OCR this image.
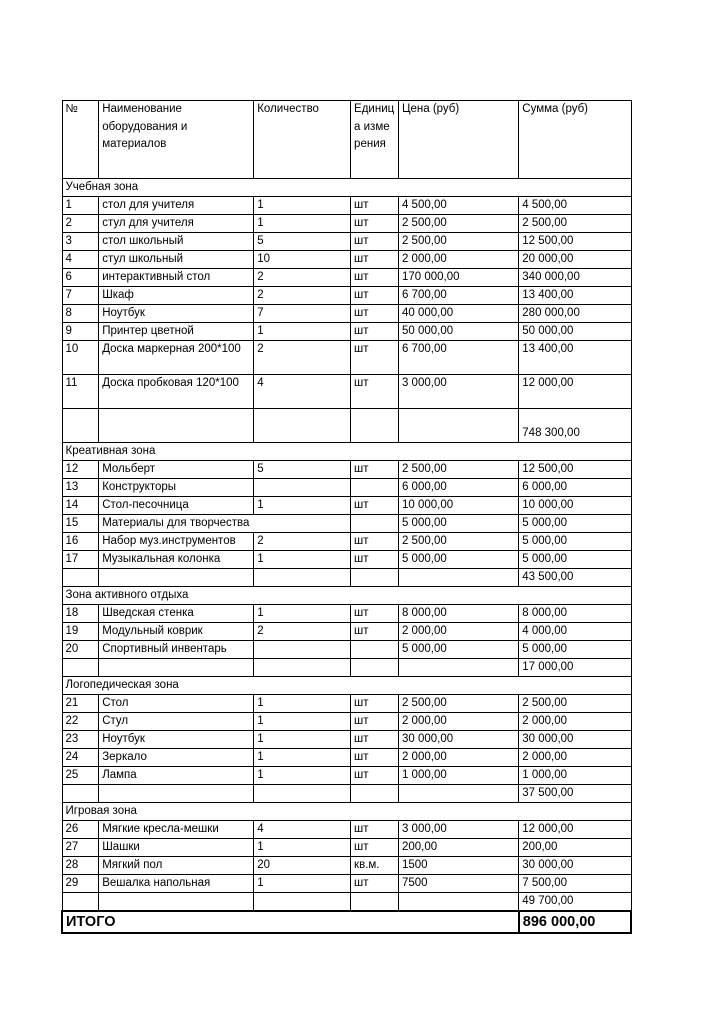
№	Наименование оборудования и материалов	Количество	Единица измерения	Цена (руб)	Сумма (руб)
Учебная зона					
1	стол для учителя	1	шт	4 500,00	4 500,00
2	стул для учителя	1	шт	2 500,00	2 500,00
3	стол школьный	5	шт	2 500,00	12 500,00
4	стул школьный	10	шт	2 000,00	20 000,00
6	интерактивный стол	2	шт	170 000,00	340 000,00
7	Шкаф	2	шт	6 700,00	13 400,00
8	Ноутбук	7	шт	40 000,00	280 000,00
9	Принтер цветной	1	шт	50 000,00	50 000,00
10	Доска маркерная 200*100	2	шт	6 700,00	13 400,00
11	Доска пробковая 120*100	4	шт	3 000,00	12 000,00
					748 300,00
Креативная зона					
12	Мольберт	5	шт	2 500,00	12 500,00
13	Конструкторы			6 000,00	6 000,00
14	Стол-песочница	1	шт	10 000,00	10 000,00
15	Материалы для творчества			5 000,00	5 000,00
16	Набор муз.инструментов	2	шт	2 500,00	5 000,00
17	Музыкальная колонка	1	шт	5 000,00	5 000,00
					43 500,00
Зона активного отдыха					
18	Шведская стенка	1	шт	8 000,00	8 000,00
19	Модульный коврик	2	шт	2 000,00	4 000,00
20	Спортивный инвентарь			5 000,00	5 000,00
					17 000,00
Логопедическая зона					
21	Стол	1	шт	2 500,00	2 500,00
22	Стул	1	шт	2 000,00	2 000,00
23	Ноутбук	1	шт	30 000,00	30 000,00
24	Зеркало	1	шт	2 000,00	2 000,00
25	Лампа	1	шт	1 000,00	1 000,00
					37 500,00
Игровая зона					
26	Мягкие кресла-мешки	4	шт	3 000,00	12 000,00
27	Шашки	1	шт	200,00	200,00
28	Мягкий пол	20	кв.м.	1500	30 000,00
29	Вешалка напольная	1	шт	7500	7 500,00
					49 700,00
ИТОГО					896 000,00
